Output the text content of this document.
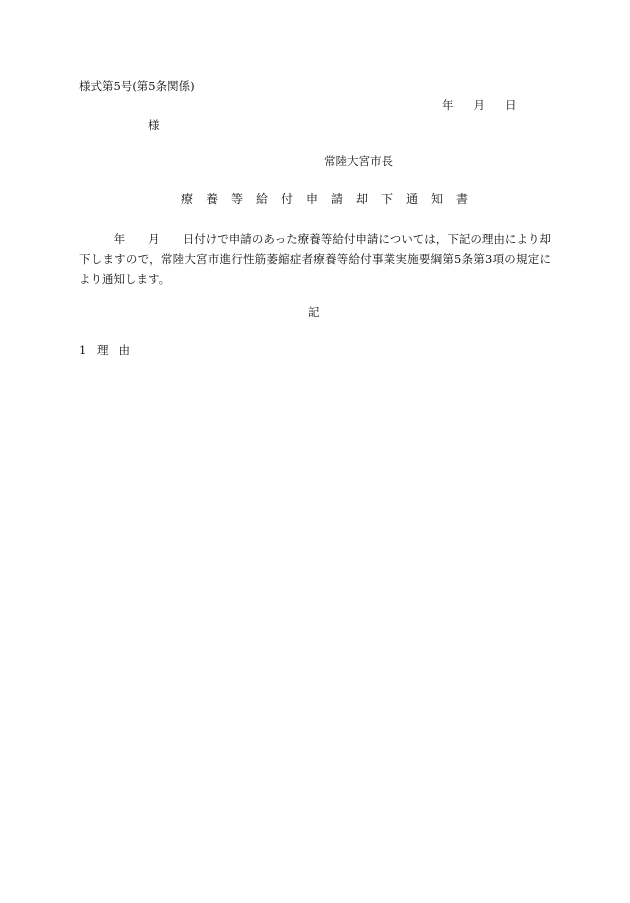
様式第5号(第5条関係)
年 月 日
様
常陸大宮市長
療養等給付申請却下通知書
　　　年　　月　　日付けで申請のあった療養等給付申請については，下記の理由により却下しますので，常陸大宮市進行性筋萎縮症者療養等給付事業実施要綱第5条第3項の規定により通知します。
記
1 理由
